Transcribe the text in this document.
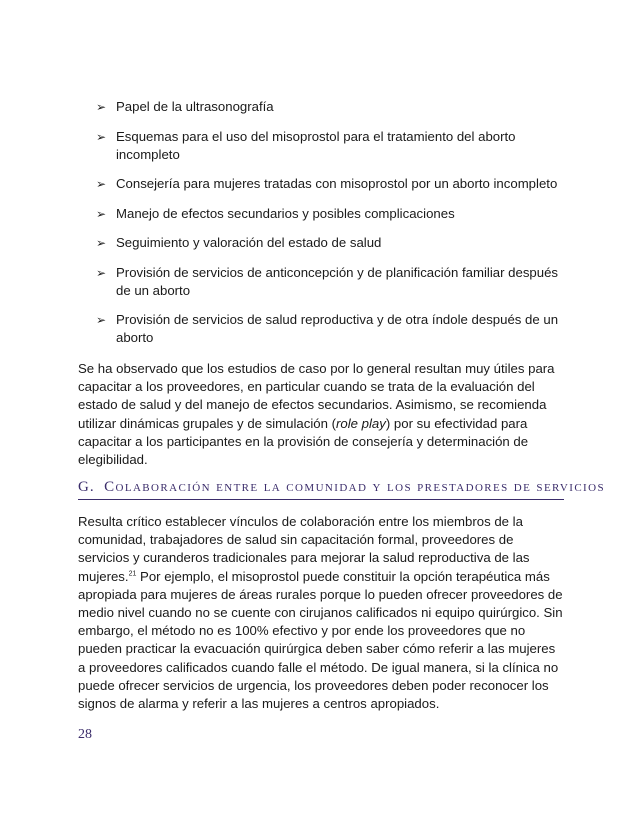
➢ Papel de la ultrasonografía
➢ Esquemas para el uso del misoprostol para el tratamiento del aborto incompleto
➢ Consejería para mujeres tratadas con misoprostol por un aborto incompleto
➢ Manejo de efectos secundarios y posibles complicaciones
➢ Seguimiento y valoración del estado de salud
➢ Provisión de servicios de anticoncepción y de planificación familiar después de un aborto
➢ Provisión de servicios de salud reproductiva y de otra índole después de un aborto

Se ha observado que los estudios de caso por lo general resultan muy útiles para capacitar a los proveedores, en particular cuando se trata de la evaluación del estado de salud y del manejo de efectos secundarios. Asimismo, se recomienda utilizar dinámicas grupales y de simulación (role play) por su efectividad para capacitar a los participantes en la provisión de consejería y determinación de elegibilidad.

G. Colaboración entre la comunidad y los prestadores de servicios

Resulta crítico establecer vínculos de colaboración entre los miembros de la comunidad, trabajadores de salud sin capacitación formal, proveedores de servicios y curanderos tradicionales para mejorar la salud reproductiva de las mujeres.$^{21}$ Por ejemplo, el misoprostol puede constituir la opción terapéutica más apropiada para mujeres de áreas rurales porque lo pueden ofrecer proveedores de medio nivel cuando no se cuente con cirujanos calificados ni equipo quirúrgico. Sin embargo, el método no es 100% efectivo y por ende los proveedores que no pueden practicar la evacuación quirúrgica deben saber cómo referir a las mujeres a proveedores calificados cuando falle el método. De igual manera, si la clínica no puede ofrecer servicios de urgencia, los proveedores deben poder reconocer los signos de alarma y referir a las mujeres a centros apropiados.

28
